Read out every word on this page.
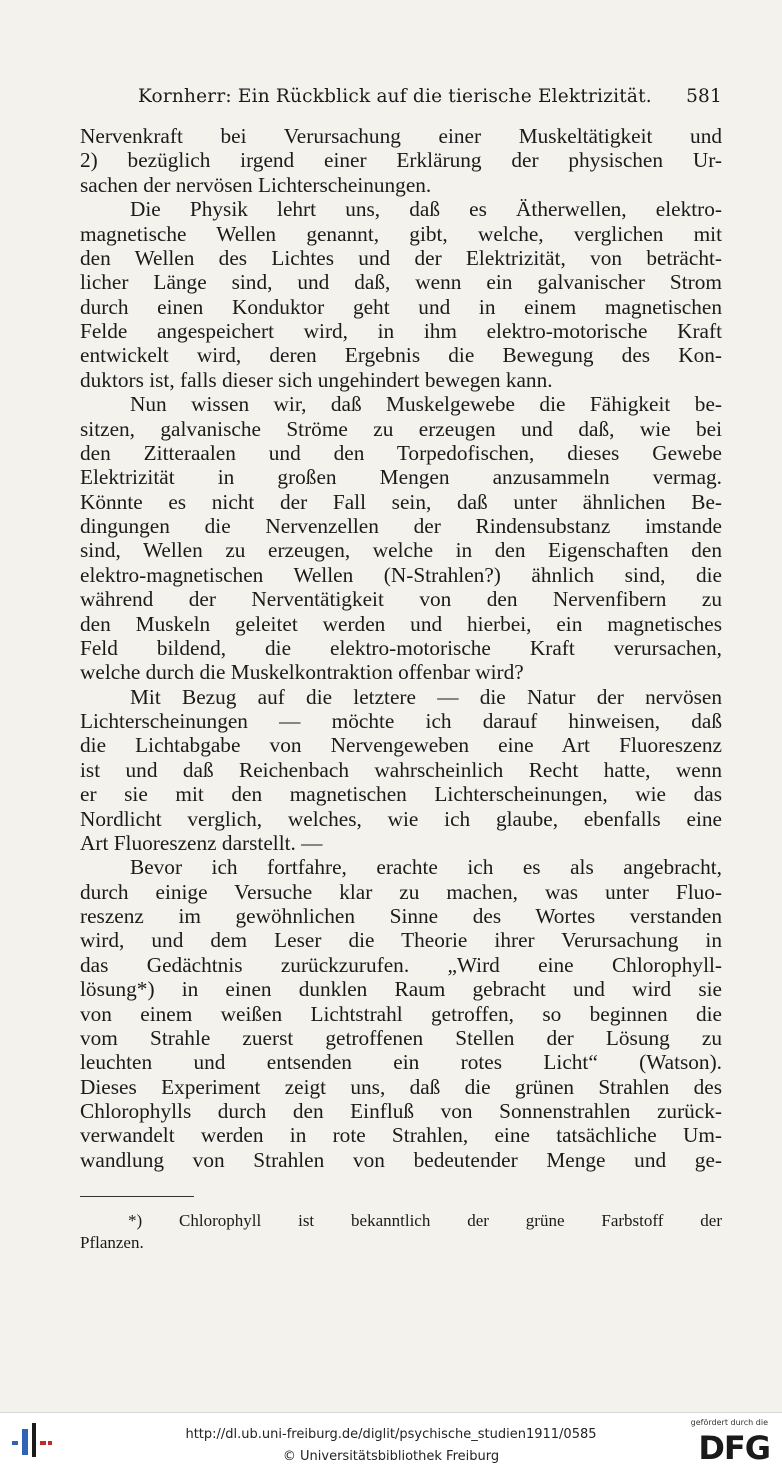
Kornherr: Ein Rückblick auf die tierische Elektrizität. 581
Nervenkraft bei Verursachung einer Muskeltätigkeit und
2) bezüglich irgend einer Erklärung der physischen Ur-
sachen der nervösen Lichterscheinungen.
Die Physik lehrt uns, daß es Ätherwellen, elektro-
magnetische Wellen genannt, gibt, welche, verglichen mit
den Wellen des Lichtes und der Elektrizität, von beträcht-
licher Länge sind, und daß, wenn ein galvanischer Strom
durch einen Konduktor geht und in einem magnetischen
Felde angespeichert wird, in ihm elektro-motorische Kraft
entwickelt wird, deren Ergebnis die Bewegung des Kon-
duktors ist, falls dieser sich ungehindert bewegen kann.
Nun wissen wir, daß Muskelgewebe die Fähigkeit be-
sitzen, galvanische Ströme zu erzeugen und daß, wie bei
den Zitteraalen und den Torpedofischen, dieses Gewebe
Elektrizität in großen Mengen anzusammeln vermag.
Könnte es nicht der Fall sein, daß unter ähnlichen Be-
dingungen die Nervenzellen der Rindensubstanz imstande
sind, Wellen zu erzeugen, welche in den Eigenschaften den
elektro-magnetischen Wellen (N-Strahlen?) ähnlich sind, die
während der Nerventätigkeit von den Nervenfibern zu
den Muskeln geleitet werden und hierbei, ein magnetisches
Feld bildend, die elektro-motorische Kraft verursachen,
welche durch die Muskelkontraktion offenbar wird?
Mit Bezug auf die letztere — die Natur der nervösen
Lichterscheinungen — möchte ich darauf hinweisen, daß
die Lichtabgabe von Nervengeweben eine Art Fluoreszenz
ist und daß Reichenbach wahrscheinlich Recht hatte, wenn
er sie mit den magnetischen Lichterscheinungen, wie das
Nordlicht verglich, welches, wie ich glaube, ebenfalls eine
Art Fluoreszenz darstellt. —
Bevor ich fortfahre, erachte ich es als angebracht,
durch einige Versuche klar zu machen, was unter Fluo-
reszenz im gewöhnlichen Sinne des Wortes verstanden
wird, und dem Leser die Theorie ihrer Verursachung in
das Gedächtnis zurückzurufen. „Wird eine Chlorophyll-
lösung*) in einen dunklen Raum gebracht und wird sie
von einem weißen Lichtstrahl getroffen, so beginnen die
vom Strahle zuerst getroffenen Stellen der Lösung zu
leuchten und entsenden ein rotes Licht“ (Watson).
Dieses Experiment zeigt uns, daß die grünen Strahlen des
Chlorophylls durch den Einfluß von Sonnenstrahlen zurück-
verwandelt werden in rote Strahlen, eine tatsächliche Um-
wandlung von Strahlen von bedeutender Menge und ge-
*) Chlorophyll ist bekanntlich der grüne Farbstoff der
Pflanzen.
http://dl.ub.uni-freiburg.de/diglit/psychische_studien1911/0585
© Universitätsbibliothek Freiburg
gefördert durch die
DFG
